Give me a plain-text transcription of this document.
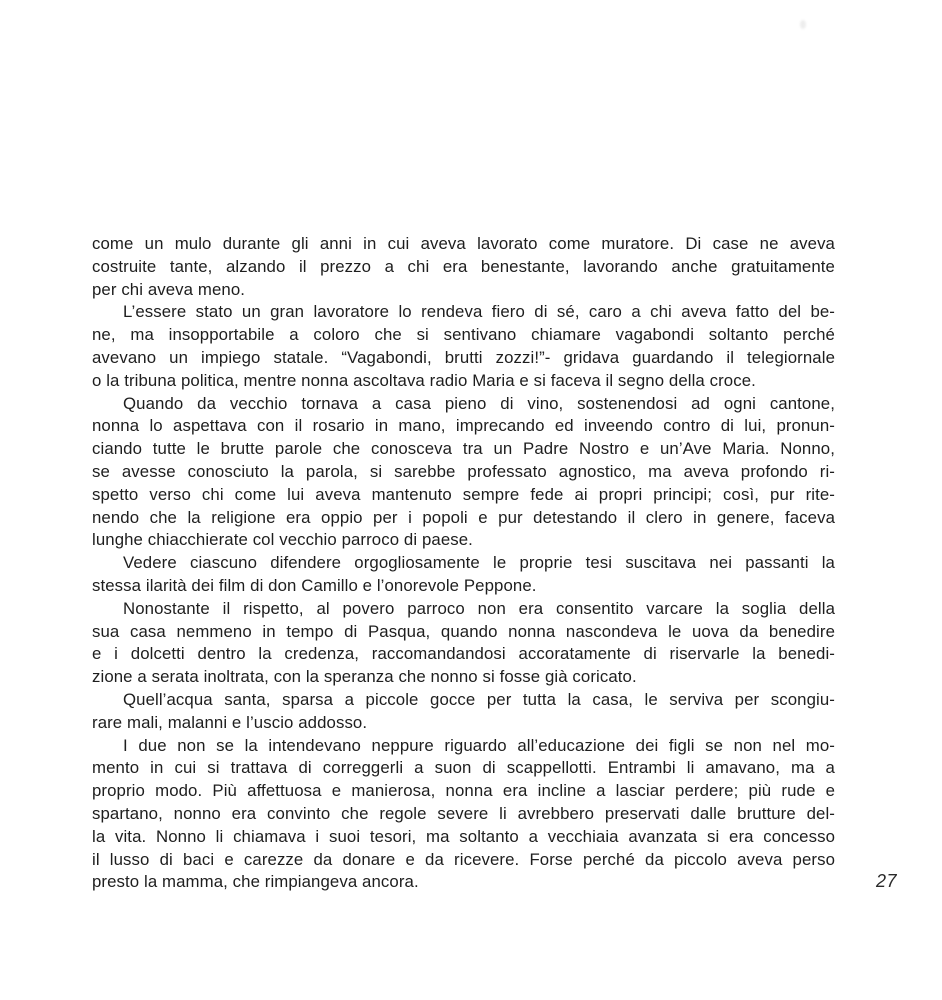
come un mulo durante gli anni in cui aveva lavorato come muratore. Di case ne aveva
costruite tante, alzando il prezzo a chi era benestante, lavorando anche gratuitamente
per chi aveva meno.
L’essere stato un gran lavoratore lo rendeva fiero di sé, caro a chi aveva fatto del be-
ne, ma insopportabile a coloro che si sentivano chiamare vagabondi soltanto perché
avevano un impiego statale. “Vagabondi, brutti zozzi!”- gridava guardando il telegiornale
o la tribuna politica, mentre nonna ascoltava radio Maria e si faceva il segno della croce.
Quando da vecchio tornava a casa pieno di vino, sostenendosi ad ogni cantone,
nonna lo aspettava con il rosario in mano, imprecando ed inveendo contro di lui, pronun-
ciando tutte le brutte parole che conosceva tra un Padre Nostro e un’Ave Maria. Nonno,
se avesse conosciuto la parola, si sarebbe professato agnostico, ma aveva profondo ri-
spetto verso chi come lui aveva mantenuto sempre fede ai propri principi; così, pur rite-
nendo che la religione era oppio per i popoli e pur detestando il clero in genere, faceva
lunghe chiacchierate col vecchio parroco di paese.
Vedere ciascuno difendere orgogliosamente le proprie tesi suscitava nei passanti la
stessa ilarità dei film di don Camillo e l’onorevole Peppone.
Nonostante il rispetto, al povero parroco non era consentito varcare la soglia della
sua casa nemmeno in tempo di Pasqua, quando nonna nascondeva le uova da benedire
e i dolcetti dentro la credenza, raccomandandosi accoratamente di riservarle la benedi-
zione a serata inoltrata, con la speranza che nonno si fosse già coricato.
Quell’acqua santa, sparsa a piccole gocce per tutta la casa, le serviva per scongiu-
rare mali, malanni e l’uscio addosso.
I due non se la intendevano neppure riguardo all’educazione dei figli se non nel mo-
mento in cui si trattava di correggerli a suon di scappellotti. Entrambi li amavano, ma a
proprio modo. Più affettuosa e manierosa, nonna era incline a lasciar perdere; più rude e
spartano, nonno era convinto che regole severe li avrebbero preservati dalle brutture del-
la vita. Nonno li chiamava i suoi tesori, ma soltanto a vecchiaia avanzata si era concesso
il lusso di baci e carezze da donare e da ricevere. Forse perché da piccolo aveva perso
presto la mamma, che rimpiangeva ancora.	27
